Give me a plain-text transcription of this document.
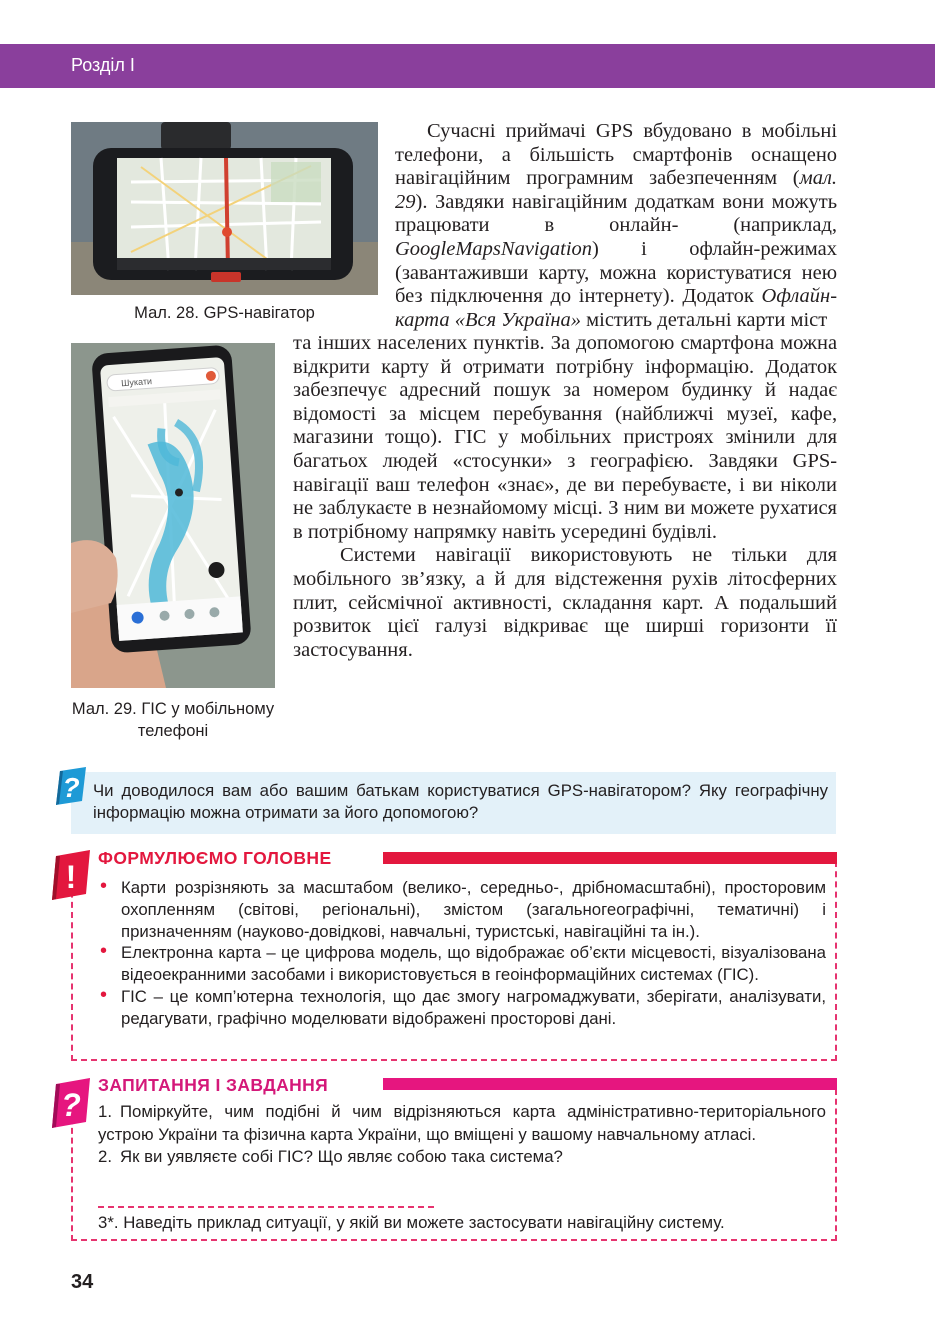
Розділ І
Мал. 28. GPS-навігатор
Шукати
Мал. 29. ГІС у мобільному телефоні

Сучасні приймачі GPS вбудовано в мобільні телефони, а більшість смартфонів оснащено навігаційним програмним забезпеченням (мал. 29). Завдяки навігаційним додаткам вони можуть працювати	в	онлайн-	(наприклад, GoogleMapsNavigation) і офлайн-режимах (завантаживши карту, можна користуватися нею без підключення до інтернету). Додаток Офлайн-карта «Вся Україна» містить детальні карти міст

та інших населених пунктів. За допомогою смартфона можна відкрити карту й отримати потрібну інформацію. Додаток забезпечує адресний пошук за номером будинку й надає відомості за місцем перебування (найближчі музеї, кафе, магазини тощо). ГІС у мобільних пристроях змінили для багатьох людей «стосунки» з географією. Завдяки GPS-навігації ваш телефон «знає», де ви перебуваєте, і ви ніколи не заблукаєте в незнайомому місці. З ним ви можете рухатися в потрібному напрямку навіть усередині будівлі.

Системи навігації використовують не тільки для мобільного зв’язку, а й для відстеження рухів літосферних плит, сейсмічної активності, складання карт. А подальший розвиток цієї галузі відкриває ще ширші горизонти її застосування.

Чи доводилося вам або вашим батькам користуватися GPS-навігатором? Яку географічну інформацію можна отримати за його допомогою?

?
ФОРМУЛЮЄМО ГОЛОВНЕ
!
•	Карти розрізняють за масштабом (велико-, середньо-, дрібномасштабні), просторовим охопленням (світові, регіональні), змістом (загальногеографічні, тематичні) і призначенням (науково-довідкові, навчальні, туристські, навігаційні та ін.).
• Електронна карта – це цифрова модель, що відображає об’єкти місцевості, візуалізована відеоекранними засобами і використовується в геоінформаційних системах (ГІС).
• ГІС – це комп’ютерна технологія, що дає змогу нагромаджувати, зберігати, аналізувати, редагувати, графічно моделювати відображені просторові дані.
ЗАПИТАННЯ І ЗАВДАННЯ
? 1. Поміркуйте, чим подібні й чим відрізняються карта адміністративно-територіального устрою України та фізична карта України, що вміщені у вашому навчальному атласі.
2. Як ви уявляєте собі ГІС? Що являє собою така система?
3*. Наведіть приклад ситуації, у якій ви можете застосувати навігаційну систему.
34
